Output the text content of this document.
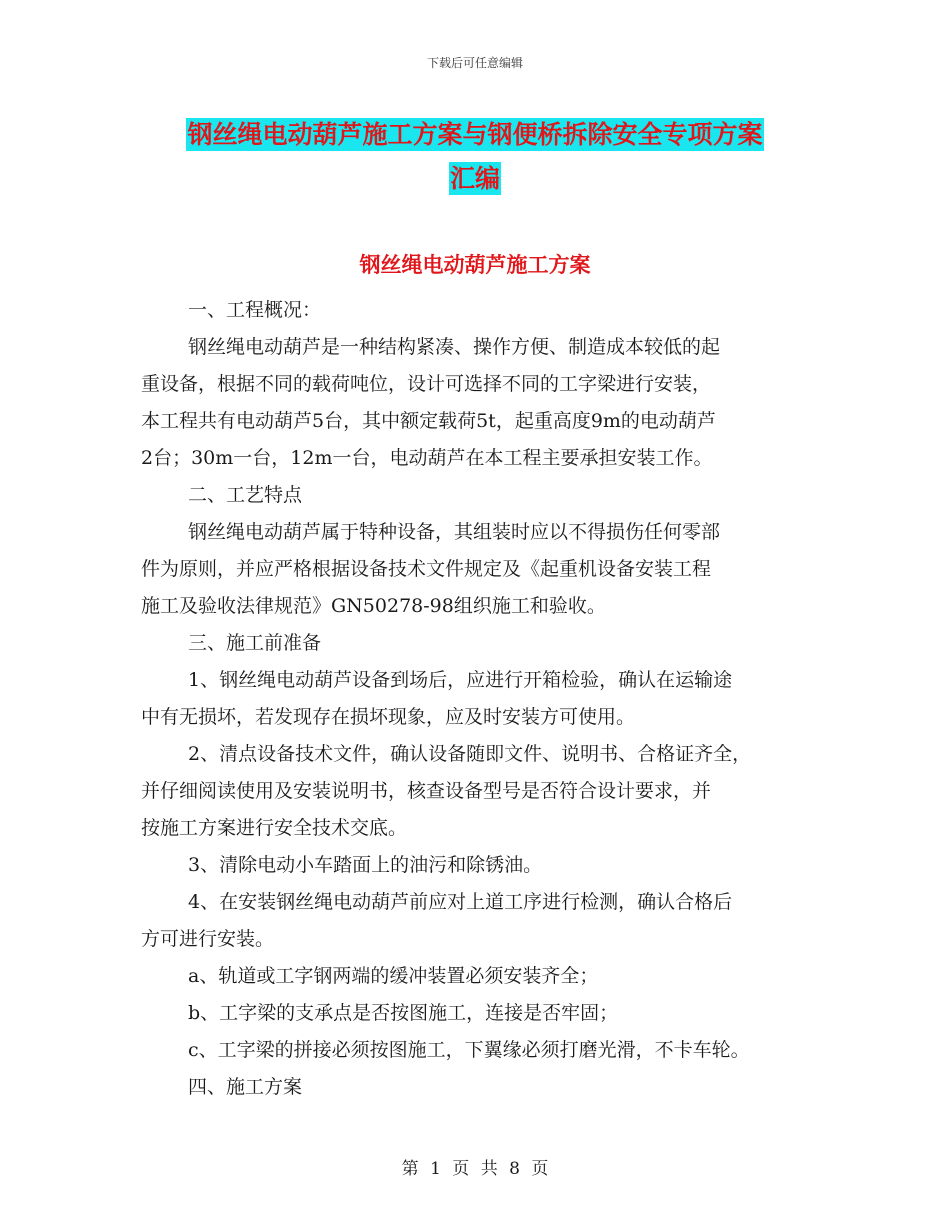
下载后可任意编辑
钢丝绳电动葫芦施工方案与钢便桥拆除安全专项方案
汇编
钢丝绳电动葫芦施工方案
一、工程概况：
钢丝绳电动葫芦是一种结构紧凑、操作方便、制造成本较低的起
重设备，根据不同的载荷吨位，设计可选择不同的工字梁进行安装，
本工程共有电动葫芦5台，其中额定载荷5t，起重高度9m的电动葫芦
2台；30m一台，12m一台，电动葫芦在本工程主要承担安装工作。
二、工艺特点
钢丝绳电动葫芦属于特种设备，其组装时应以不得损伤任何零部
件为原则，并应严格根据设备技术文件规定及《起重机设备安装工程
施工及验收法律规范》GN50278-98组织施工和验收。
三、施工前准备
1、钢丝绳电动葫芦设备到场后，应进行开箱检验，确认在运输途
中有无损坏，若发现存在损坏现象，应及时安装方可使用。
2、清点设备技术文件，确认设备随即文件、说明书、合格证齐全，
并仔细阅读使用及安装说明书，核查设备型号是否符合设计要求，并
按施工方案进行安全技术交底。
3、清除电动小车踏面上的油污和除锈油。
4、在安装钢丝绳电动葫芦前应对上道工序进行检测，确认合格后
方可进行安装。
a、轨道或工字钢两端的缓冲装置必须安装齐全；
b、工字梁的支承点是否按图施工，连接是否牢固；
c、工字梁的拼接必须按图施工，下翼缘必须打磨光滑，不卡车轮。
四、施工方案
第 1 页 共 8 页
